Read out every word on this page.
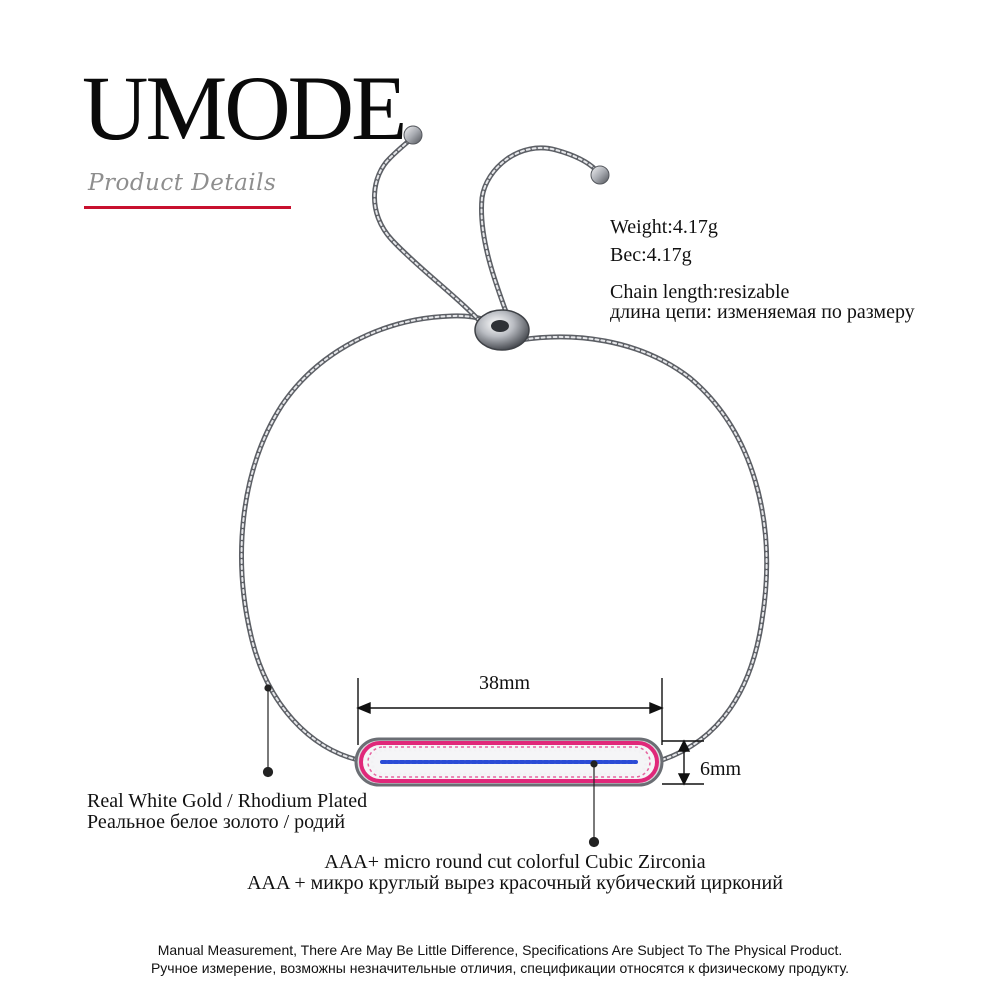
UMODE
Product Details
Weight:4.17g
Bec:4.17g
Chain length:resizable
длина цепи: изменяемая по размеру
38mm
6mm
Real White Gold / Rhodium Plated
Реальное белое золото / родий
AAA+ micro round cut colorful Cubic Zirconia
AAA + микро круглый вырез красочный кубический цирконий
Manual Measurement, There Are May Be Little Difference, Specifications Are Subject To The Physical Product.
Ручное измерение, возможны незначительные отличия, спецификации относятся к физическому продукту.
